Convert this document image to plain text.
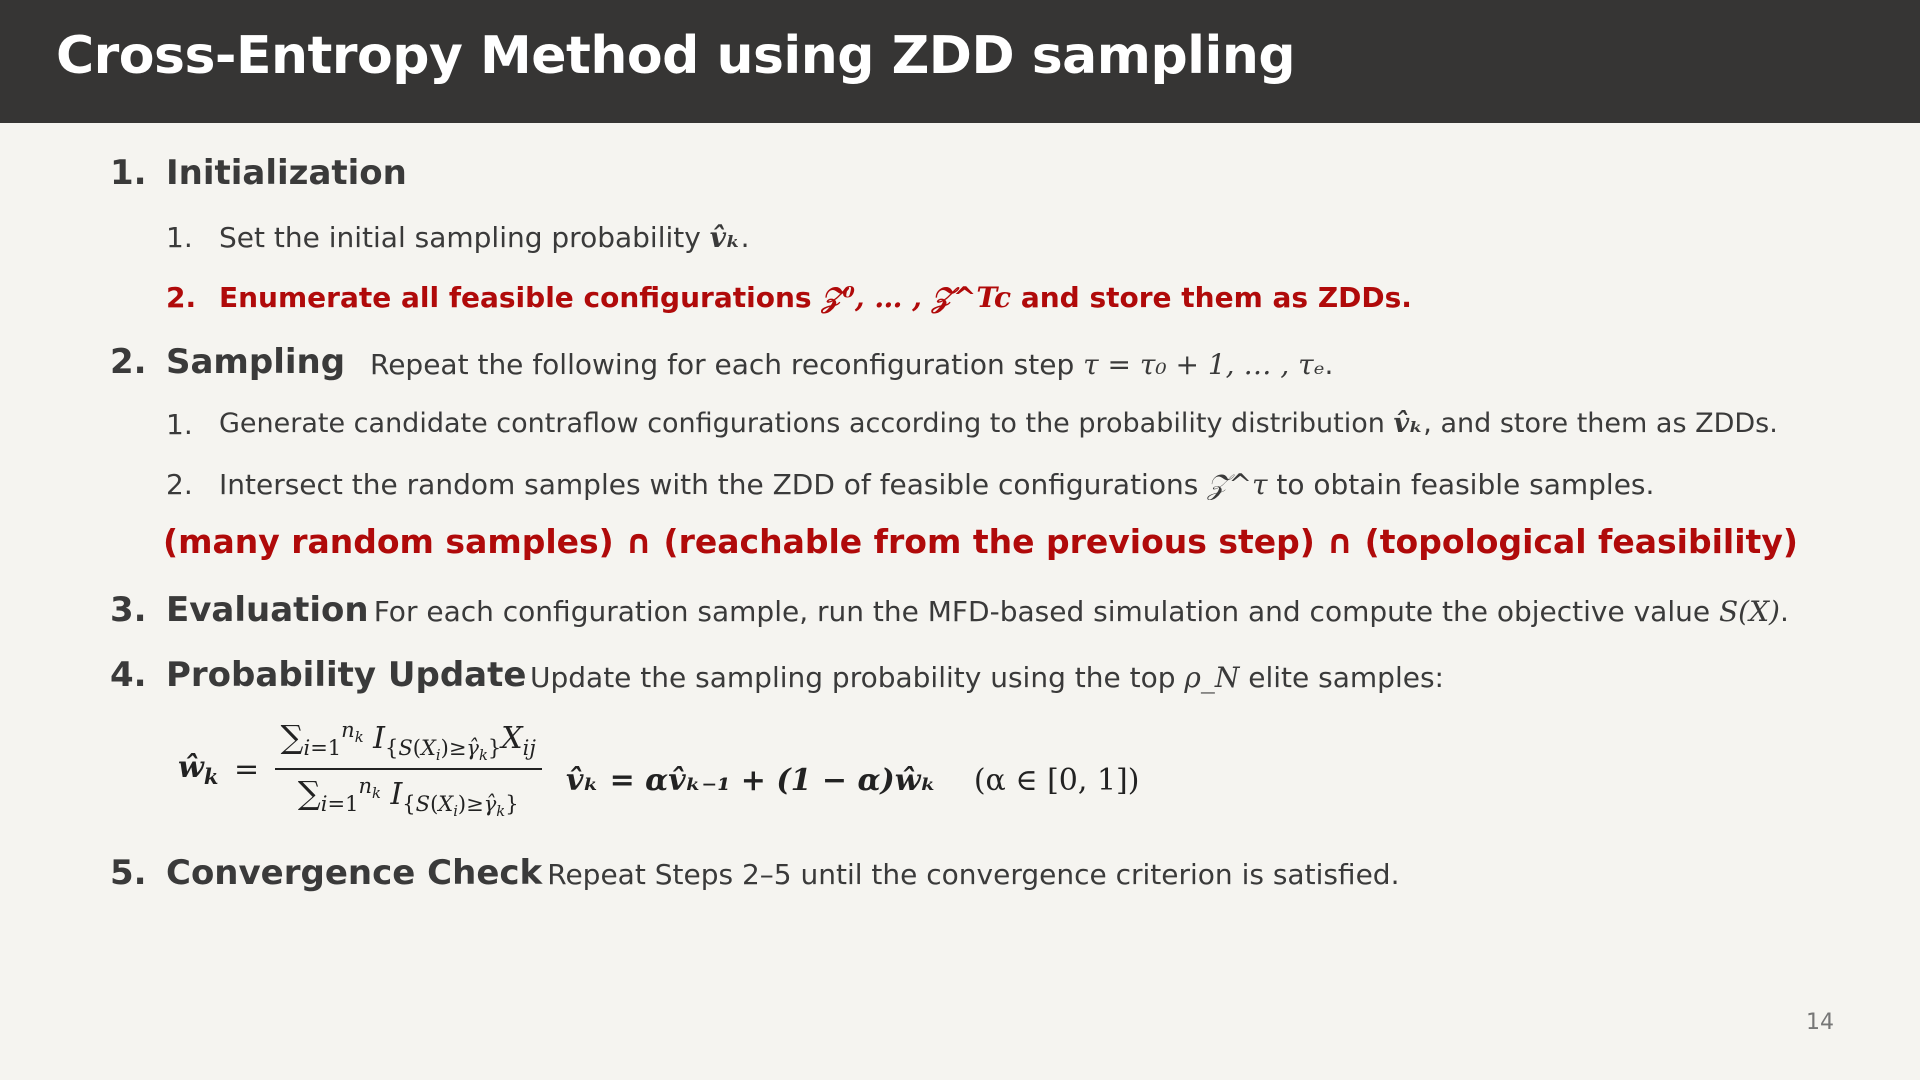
Cross-Entropy Method using ZDD sampling
1. Initialization
1. Set the initial sampling probability v̂ₖ.
2. Enumerate all feasible configurations 𝒵⁰, … , 𝒵^Tc and store them as ZDDs.
2. Sampling Repeat the following for each reconfiguration step τ = τ₀ + 1, … , τₑ.
1. Generate candidate contraflow configurations according to the probability distribution v̂ₖ, and store them as ZDDs.
2. Intersect the random samples with the ZDD of feasible configurations 𝒵^τ to obtain feasible samples.
(many random samples) ∩ (reachable from the previous step) ∩ (topological feasibility)
3. Evaluation For each configuration sample, run the MFD-based simulation and compute the objective value S(X).
4. Probability Update Update the sampling probability using the top ρ_N elite samples:
$ŵ_k = \frac{\sum_{i=1}^{n_k} I_{\{S(X_i)\ge\gammâ_k\}}X_{ij}}{\sum_{i=1}^{n_k} I_{\{S(X_i)\ge\gammâ_k\}}}$ v̂ₖ = αv̂ₖ₋₁ + (1 − α)ŵₖ (α ∈ [0, 1])
5. Convergence Check Repeat Steps 2–5 until the convergence criterion is satisfied.
14
